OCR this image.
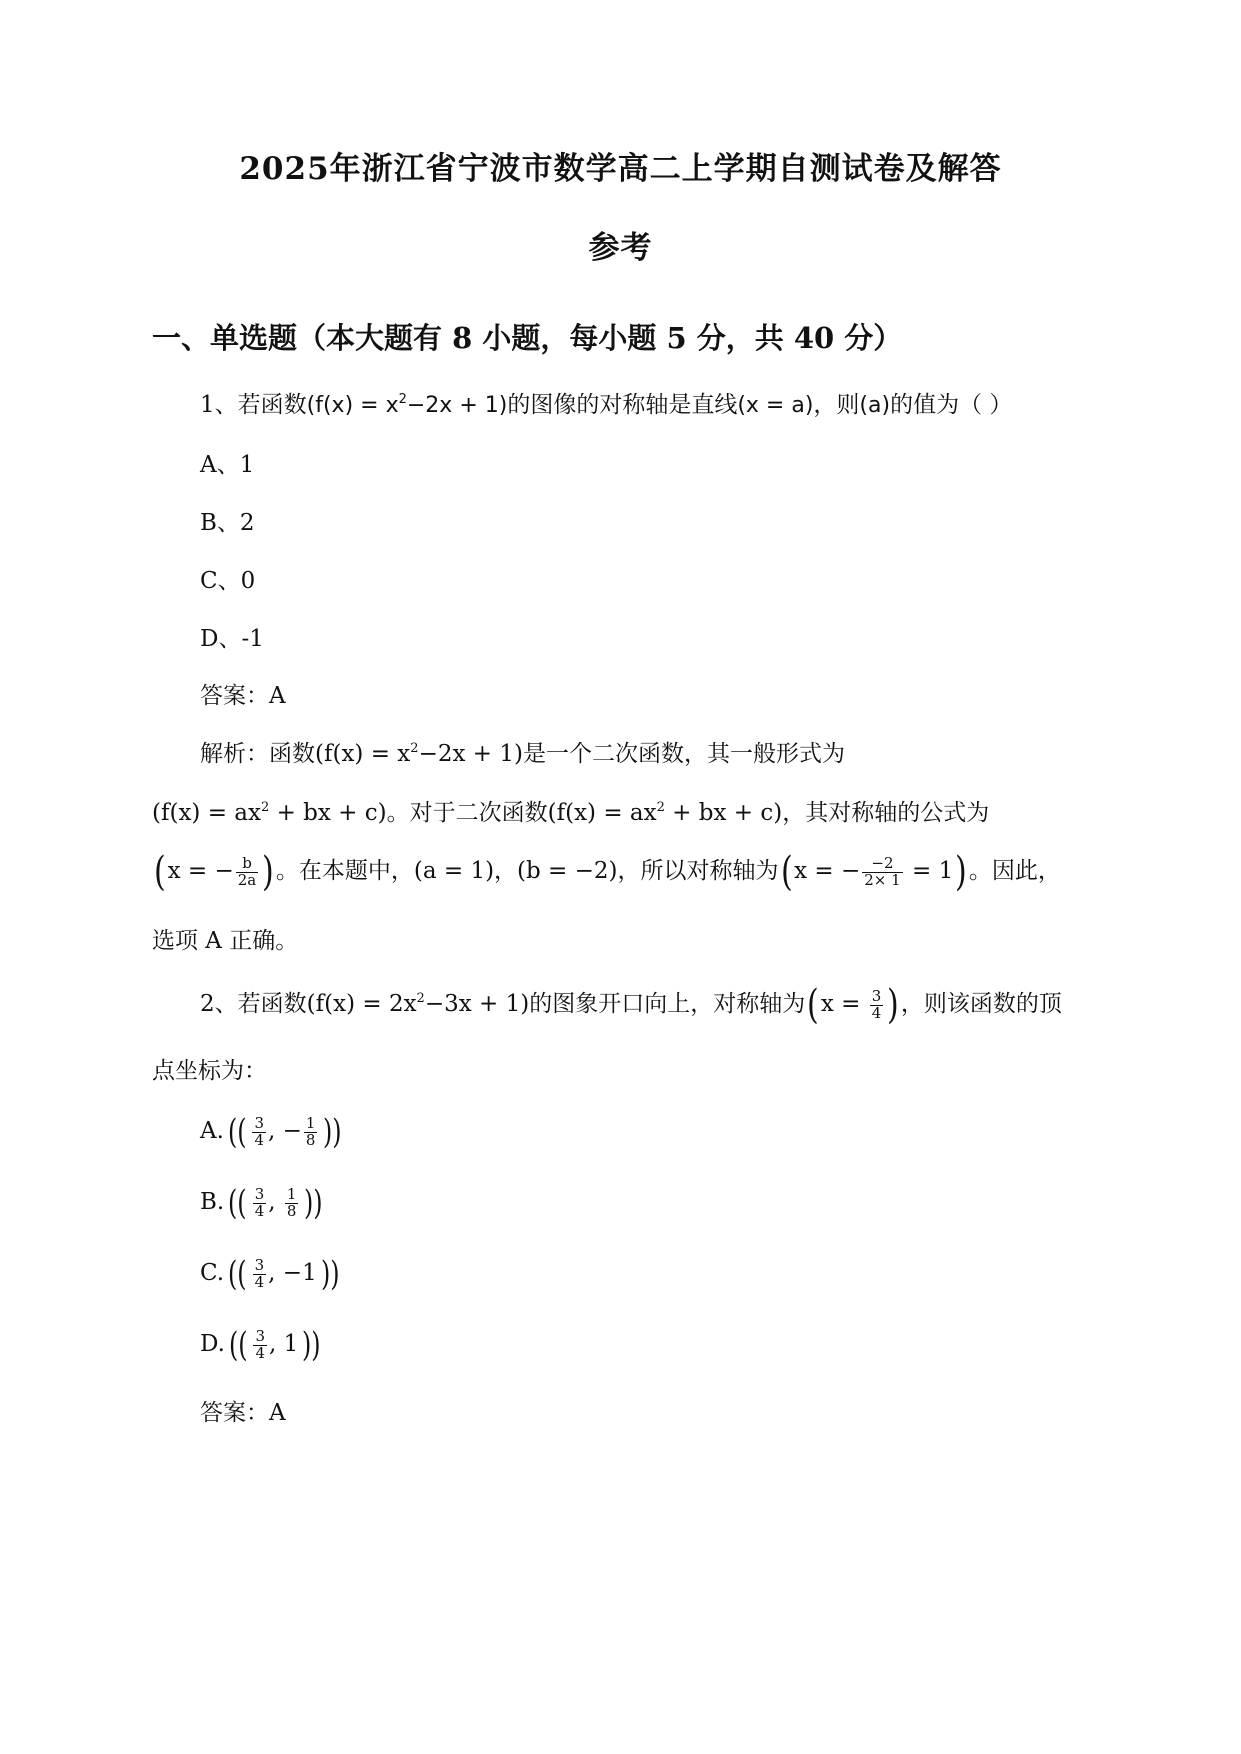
2025年浙江省宁波市数学高二上学期自测试卷及解答
参考
一、单选题（本大题有 8 小题，每小题 5 分，共 40 分）
1、若函数$(f(x) = x^2-2x + 1)$的图像的对称轴是直线(x = a)，则(a)的值为（ ）
A、1
B、2
C、0
D、-1
答案：A
解析：函数$(f(x) = x^2-2x + 1)$是一个二次函数，其一般形式为
($f(x) = ax^2$ + bx + c)。对于二次函数($f(x) = ax^2$ + bx + c)，其对称轴的公式为
(x = − $\frac{b}{2a}$ )。在本题中，(a = 1)，(b = −2)，所以对称轴为(x = − $\frac{-2}{2\times 1} = 1$)。因此，
选项 A 正确。
2、若函数$(f(x) = 2x^2-3x + 1)$的图象开口向上，对称轴为($x = \frac{3}{4}$ )，则该函数的顶
点坐标为：
A. (( $\frac{3}{4}$ , − $\frac{1}{8}$ ))
B. (( $\frac{3}{4}$ , $\frac{1}{8}$ ))
C. (( $\frac{3}{4}$ , −1 ))
D. (( $\frac{3}{4}$ , 1 ))
答案：A
